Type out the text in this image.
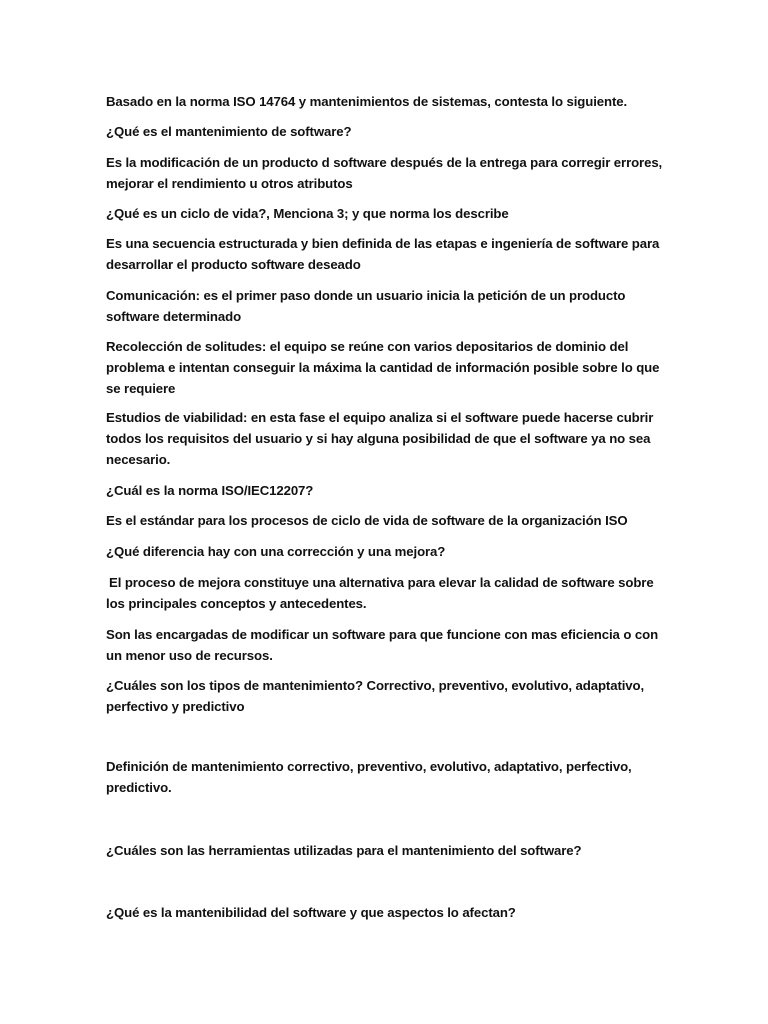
Basado en la norma ISO 14764 y mantenimientos de sistemas, contesta lo siguiente.

¿Qué es el mantenimiento de software?

Es la modificación de un producto d software después de la entrega para corregir errores, mejorar el rendimiento u otros atributos

¿Qué es un ciclo de vida?, Menciona 3; y que norma los describe

Es una secuencia estructurada y bien definida de las etapas e ingeniería de software para desarrollar el producto software deseado

Comunicación: es el primer paso donde un usuario inicia la petición de un producto software determinado

Recolección de solitudes: el equipo se reúne con varios depositarios de dominio del problema e intentan conseguir la máxima la cantidad de información posible sobre lo que se requiere

Estudios de viabilidad: en esta fase el equipo analiza si el software puede hacerse cubrir todos los requisitos del usuario y si hay alguna posibilidad de que el software ya no sea necesario.

¿Cuál es la norma ISO/IEC12207?

Es el estándar para los procesos de ciclo de vida de software de la organización ISO

¿Qué diferencia hay con una corrección y una mejora?

El proceso de mejora constituye una alternativa para elevar la calidad de software sobre los principales conceptos y antecedentes.

Son las encargadas de modificar un software para que funcione con mas eficiencia o con un menor uso de recursos.

¿Cuáles son los tipos de mantenimiento? Correctivo, preventivo, evolutivo, adaptativo, perfectivo y predictivo

Definición de mantenimiento correctivo, preventivo, evolutivo, adaptativo, perfectivo, predictivo.

¿Cuáles son las herramientas utilizadas para el mantenimiento del software?

¿Qué es la mantenibilidad del software y que aspectos lo afectan?
